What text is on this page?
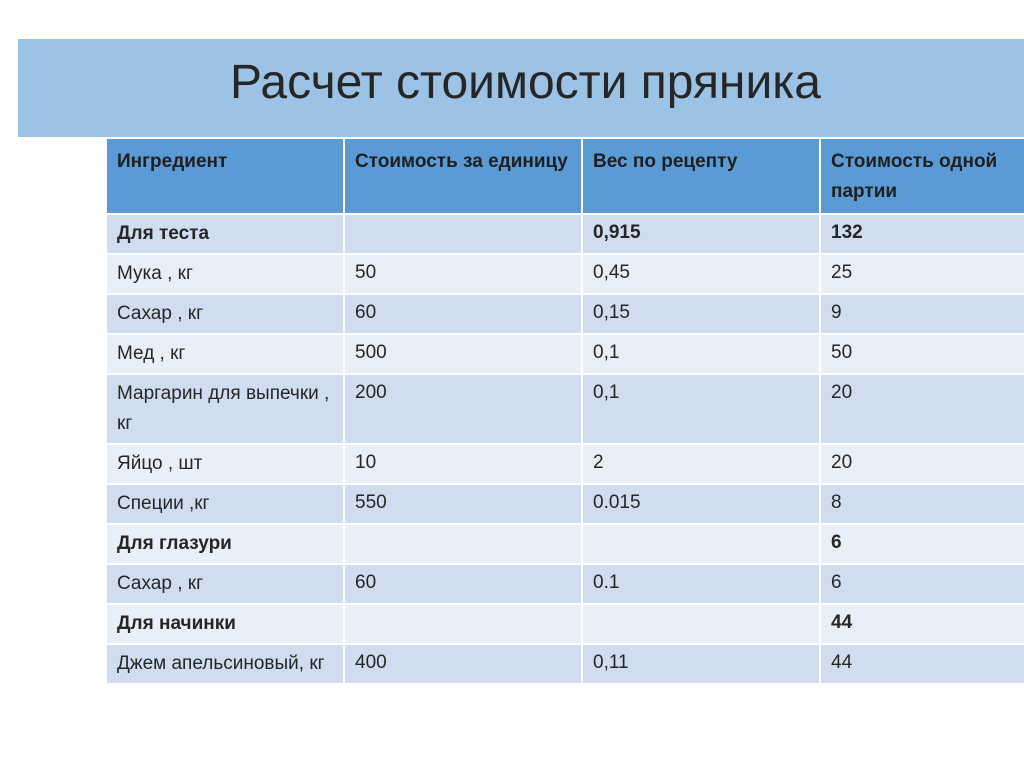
Расчет стоимости пряника
Ингредиент	Стоимость за единицу	Вес по рецепту	Стоимость одной партии
Для теста		0,915	132
Мука , кг	50	0,45	25
Сахар , кг	60	0,15	9
Мед , кг	500	0,1	50
Маргарин для выпечки , кг	200	0,1	20
Яйцо , шт	10	2	20
Специи ,кг	550	0.015	8
Для глазури			6
Сахар , кг	60	0.1	6
Для начинки			44
Джем апельсиновый, кг	400	0,11	44
